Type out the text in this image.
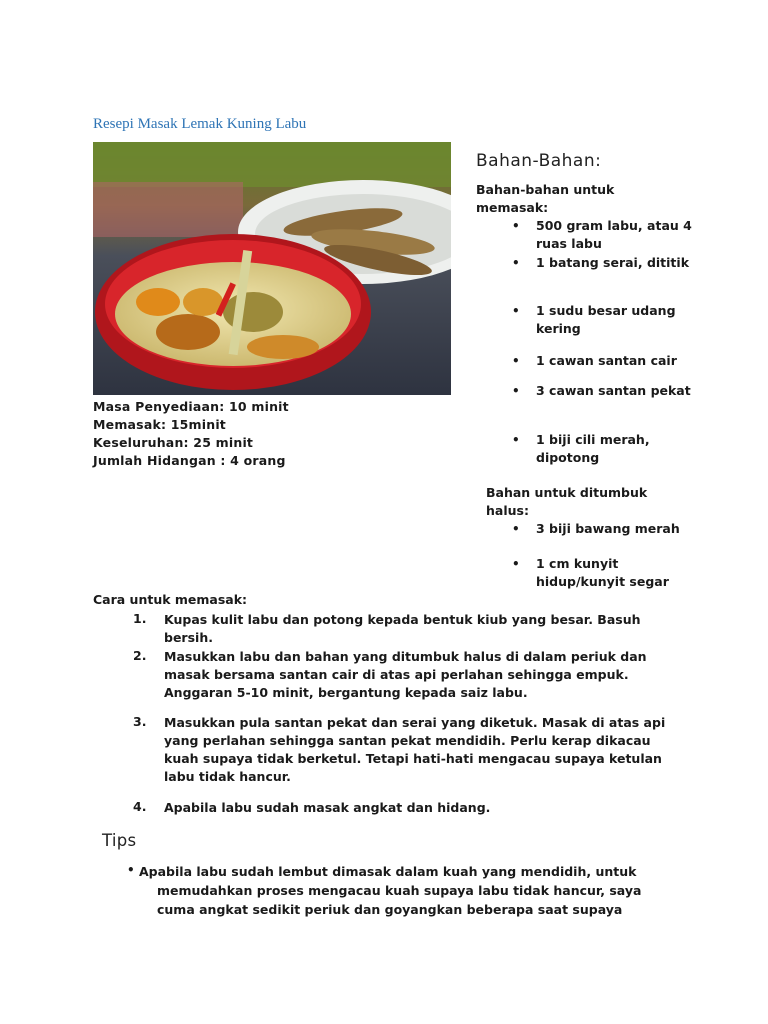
Resepi Masak Lemak Kuning Labu
Masa Penyediaan: 10 minit
Memasak: 15minit
Keseluruhan: 25 minit
Jumlah Hidangan : 4 orang
Bahan-Bahan:
Bahan-bahan untuk memasak:
• 500 gram labu, atau 4 ruas labu
• 1 batang serai, dititik
• 1 sudu besar udang kering
• 1 cawan santan cair
• 3 cawan santan pekat
• 1 biji cili merah, dipotong
Bahan untuk ditumbuk halus:
• 3 biji bawang merah
• 1 cm kunyit hidup/kunyit segar
Cara untuk memasak:
1. Kupas kulit labu dan potong kepada bentuk kiub yang besar. Basuh bersih.
2. Masukkan labu dan bahan yang ditumbuk halus di dalam periuk dan masak bersama santan cair di atas api perlahan sehingga empuk. Anggaran 5-10 minit, bergantung kepada saiz labu.
3. Masukkan pula santan pekat dan serai yang diketuk. Masak di atas api yang perlahan sehingga santan pekat mendidih. Perlu kerap dikacau kuah supaya tidak berketul. Tetapi hati-hati mengacau supaya ketulan labu tidak hancur.
4. Apabila labu sudah masak angkat dan hidang.
Tips
• Apabila labu sudah lembut dimasak dalam kuah yang mendidih, untuk
memudahkan proses mengacau kuah supaya labu tidak hancur, saya
cuma angkat sedikit periuk dan goyangkan beberapa saat supaya
